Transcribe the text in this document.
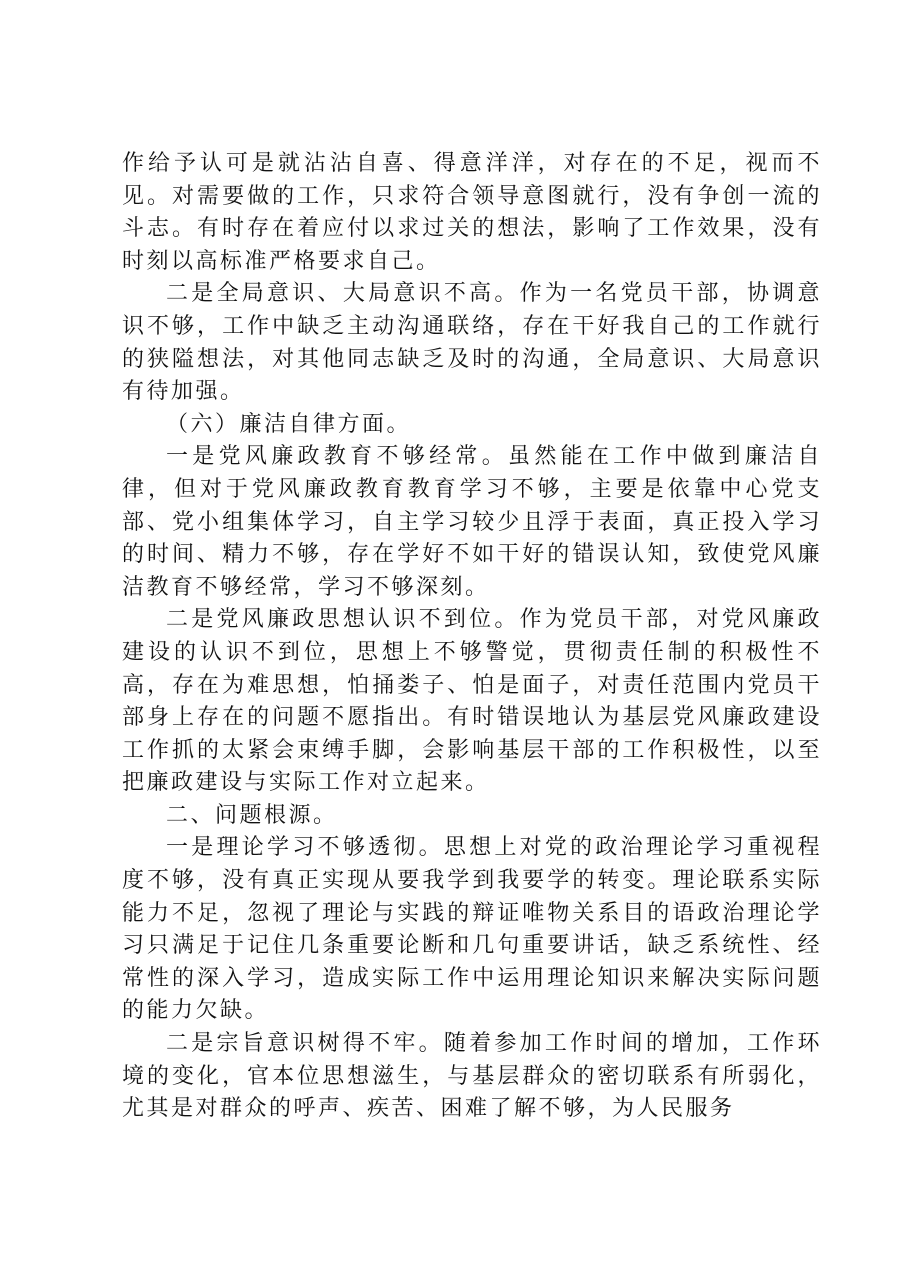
作给予认可是就沾沾自喜、得意洋洋，对存在的不足，视而不见。对需要做的工作，只求符合领导意图就行，没有争创一流的斗志。有时存在着应付以求过关的想法，影响了工作效果，没有时刻以高标准严格要求自己。

二是全局意识、大局意识不高。作为一名党员干部，协调意识不够，工作中缺乏主动沟通联络，存在干好我自己的工作就行的狭隘想法，对其他同志缺乏及时的沟通，全局意识、大局意识有待加强。

（六）廉洁自律方面。

一是党风廉政教育不够经常。虽然能在工作中做到廉洁自律，但对于党风廉政教育教育学习不够，主要是依靠中心党支部、党小组集体学习，自主学习较少且浮于表面，真正投入学习的时间、精力不够，存在学好不如干好的错误认知，致使党风廉洁教育不够经常，学习不够深刻。

二是党风廉政思想认识不到位。作为党员干部，对党风廉政建设的认识不到位，思想上不够警觉，贯彻责任制的积极性不高，存在为难思想，怕捅娄子、怕是面子，对责任范围内党员干部身上存在的问题不愿指出。有时错误地认为基层党风廉政建设工作抓的太紧会束缚手脚，会影响基层干部的工作积极性，以至把廉政建设与实际工作对立起来。

二、问题根源。

一是理论学习不够透彻。思想上对党的政治理论学习重视程度不够，没有真正实现从要我学到我要学的转变。理论联系实际能力不足，忽视了理论与实践的辩证唯物关系目的语政治理论学习只满足于记住几条重要论断和几句重要讲话，缺乏系统性、经常性的深入学习，造成实际工作中运用理论知识来解决实际问题的能力欠缺。

二是宗旨意识树得不牢。随着参加工作时间的增加，工作环境的变化，官本位思想滋生，与基层群众的密切联系有所弱化，尤其是对群众的呼声、疾苦、困难了解不够，为人民服务
